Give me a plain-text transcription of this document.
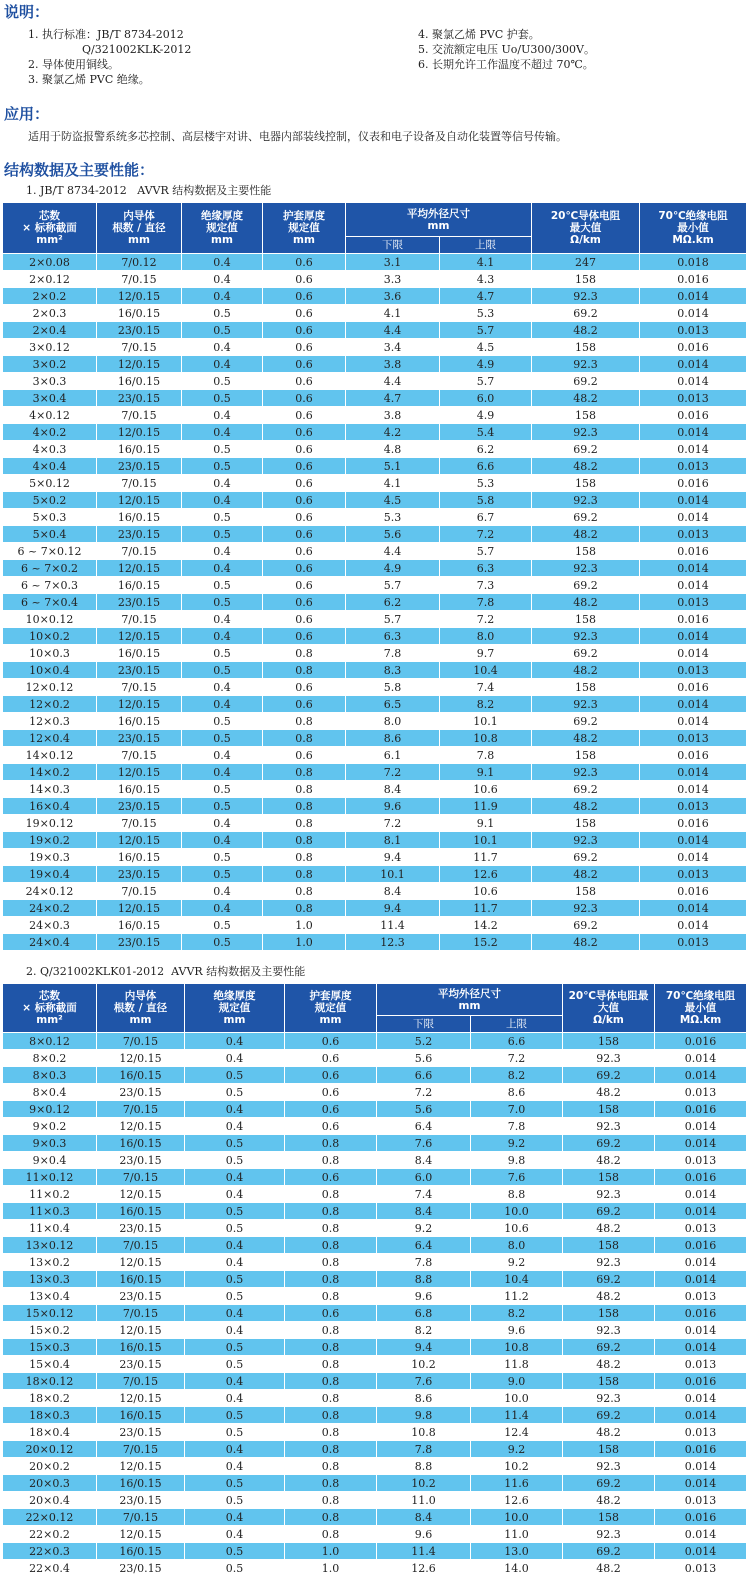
说明：
1. 执行标准：JB/T 8734-2012
Q/321002KLK-2012
2. 导体使用铜线。
3. 聚氯乙烯 PVC 绝缘。
4. 聚氯乙烯 PVC 护套。
5. 交流额定电压 Uo/U300/300V。
6. 长期允许工作温度不超过 70℃。
应用：
适用于防盗报警系统多芯控制、高层楼宇对讲、电器内部装线控制，仪表和电子设备及自动化装置等信号传输。
结构数据及主要性能：
1. JB/T 8734-2012   AVVR 结构数据及主要性能
芯数
× 标称截面
mm²	内导体
根数 / 直径
mm	绝缘厚度
规定值
mm	护套厚度
规定值
mm	平均外径尺寸
mm		20℃导体电阻
最大值
Ω/km	70℃绝缘电阻
最小值
MΩ.km

				下限	上限		
2×0.08	7/0.12	0.4	0.6	3.1	4.1	247	0.018
2×0.12	7/0.15	0.4	0.6	3.3	4.3	158	0.016
2×0.2	12/0.15	0.4	0.6	3.6	4.7	92.3	0.014
2×0.3	16/0.15	0.5	0.6	4.1	5.3	69.2	0.014
2×0.4	23/0.15	0.5	0.6	4.4	5.7	48.2	0.013
3×0.12	7/0.15	0.4	0.6	3.4	4.5	158	0.016
3×0.2	12/0.15	0.4	0.6	3.8	4.9	92.3	0.014
3×0.3	16/0.15	0.5	0.6	4.4	5.7	69.2	0.014
3×0.4	23/0.15	0.5	0.6	4.7	6.0	48.2	0.013
4×0.12	7/0.15	0.4	0.6	3.8	4.9	158	0.016
4×0.2	12/0.15	0.4	0.6	4.2	5.4	92.3	0.014
4×0.3	16/0.15	0.5	0.6	4.8	6.2	69.2	0.014
4×0.4	23/0.15	0.5	0.6	5.1	6.6	48.2	0.013
5×0.12	7/0.15	0.4	0.6	4.1	5.3	158	0.016
5×0.2	12/0.15	0.4	0.6	4.5	5.8	92.3	0.014
5×0.3	16/0.15	0.5	0.6	5.3	6.7	69.2	0.014
5×0.4	23/0.15	0.5	0.6	5.6	7.2	48.2	0.013
6 ~ 7×0.12	7/0.15	0.4	0.6	4.4	5.7	158	0.016
6 ~ 7×0.2	12/0.15	0.4	0.6	4.9	6.3	92.3	0.014
6 ~ 7×0.3	16/0.15	0.5	0.6	5.7	7.3	69.2	0.014
6 ~ 7×0.4	23/0.15	0.5	0.6	6.2	7.8	48.2	0.013
10×0.12	7/0.15	0.4	0.6	5.7	7.2	158	0.016
10×0.2	12/0.15	0.4	0.6	6.3	8.0	92.3	0.014
10×0.3	16/0.15	0.5	0.8	7.8	9.7	69.2	0.014
10×0.4	23/0.15	0.5	0.8	8.3	10.4	48.2	0.013
12×0.12	7/0.15	0.4	0.6	5.8	7.4	158	0.016
12×0.2	12/0.15	0.4	0.6	6.5	8.2	92.3	0.014
12×0.3	16/0.15	0.5	0.8	8.0	10.1	69.2	0.014
12×0.4	23/0.15	0.5	0.8	8.6	10.8	48.2	0.013
14×0.12	7/0.15	0.4	0.6	6.1	7.8	158	0.016
14×0.2	12/0.15	0.4	0.8	7.2	9.1	92.3	0.014
14×0.3	16/0.15	0.5	0.8	8.4	10.6	69.2	0.014
16×0.4	23/0.15	0.5	0.8	9.6	11.9	48.2	0.013
19×0.12	7/0.15	0.4	0.8	7.2	9.1	158	0.016
19×0.2	12/0.15	0.4	0.8	8.1	10.1	92.3	0.014
19×0.3	16/0.15	0.5	0.8	9.4	11.7	69.2	0.014
19×0.4	23/0.15	0.5	0.8	10.1	12.6	48.2	0.013
24×0.12	7/0.15	0.4	0.8	8.4	10.6	158	0.016
24×0.2	12/0.15	0.4	0.8	9.4	11.7	92.3	0.014
24×0.3	16/0.15	0.5	1.0	11.4	14.2	69.2	0.014
24×0.4	23/0.15	0.5	1.0	12.3	15.2	48.2	0.013
2. Q/321002KLK01-2012  AVVR 结构数据及主要性能
芯数
× 标称截面
mm²	内导体
根数 / 直径
mm	绝缘厚度
规定值
mm	护套厚度
规定值
mm	平均外径尺寸
mm		20℃导体电阻最
大值
Ω/km	70℃绝缘电阻
最小值
MΩ.km

				下限	上限		
8×0.12	7/0.15	0.4	0.6	5.2	6.6	158	0.016
8×0.2	12/0.15	0.4	0.6	5.6	7.2	92.3	0.014
8×0.3	16/0.15	0.5	0.6	6.6	8.2	69.2	0.014
8×0.4	23/0.15	0.5	0.6	7.2	8.6	48.2	0.013
9×0.12	7/0.15	0.4	0.6	5.6	7.0	158	0.016
9×0.2	12/0.15	0.4	0.6	6.4	7.8	92.3	0.014
9×0.3	16/0.15	0.5	0.8	7.6	9.2	69.2	0.014
9×0.4	23/0.15	0.5	0.8	8.4	9.8	48.2	0.013
11×0.12	7/0.15	0.4	0.6	6.0	7.6	158	0.016
11×0.2	12/0.15	0.4	0.8	7.4	8.8	92.3	0.014
11×0.3	16/0.15	0.5	0.8	8.4	10.0	69.2	0.014
11×0.4	23/0.15	0.5	0.8	9.2	10.6	48.2	0.013
13×0.12	7/0.15	0.4	0.8	6.4	8.0	158	0.016
13×0.2	12/0.15	0.4	0.8	7.8	9.2	92.3	0.014
13×0.3	16/0.15	0.5	0.8	8.8	10.4	69.2	0.014
13×0.4	23/0.15	0.5	0.8	9.6	11.2	48.2	0.013
15×0.12	7/0.15	0.4	0.6	6.8	8.2	158	0.016
15×0.2	12/0.15	0.4	0.8	8.2	9.6	92.3	0.014
15×0.3	16/0.15	0.5	0.8	9.4	10.8	69.2	0.014
15×0.4	23/0.15	0.5	0.8	10.2	11.8	48.2	0.013
18×0.12	7/0.15	0.4	0.8	7.6	9.0	158	0.016
18×0.2	12/0.15	0.4	0.8	8.6	10.0	92.3	0.014
18×0.3	16/0.15	0.5	0.8	9.8	11.4	69.2	0.014
18×0.4	23/0.15	0.5	0.8	10.8	12.4	48.2	0.013
20×0.12	7/0.15	0.4	0.8	7.8	9.2	158	0.016
20×0.2	12/0.15	0.4	0.8	8.8	10.2	92.3	0.014
20×0.3	16/0.15	0.5	0.8	10.2	11.6	69.2	0.014
20×0.4	23/0.15	0.5	0.8	11.0	12.6	48.2	0.013
22×0.12	7/0.15	0.4	0.8	8.4	10.0	158	0.016
22×0.2	12/0.15	0.4	0.8	9.6	11.0	92.3	0.014
22×0.3	16/0.15	0.5	1.0	11.4	13.0	69.2	0.014
22×0.4	23/0.15	0.5	1.0	12.6	14.0	48.2	0.013
